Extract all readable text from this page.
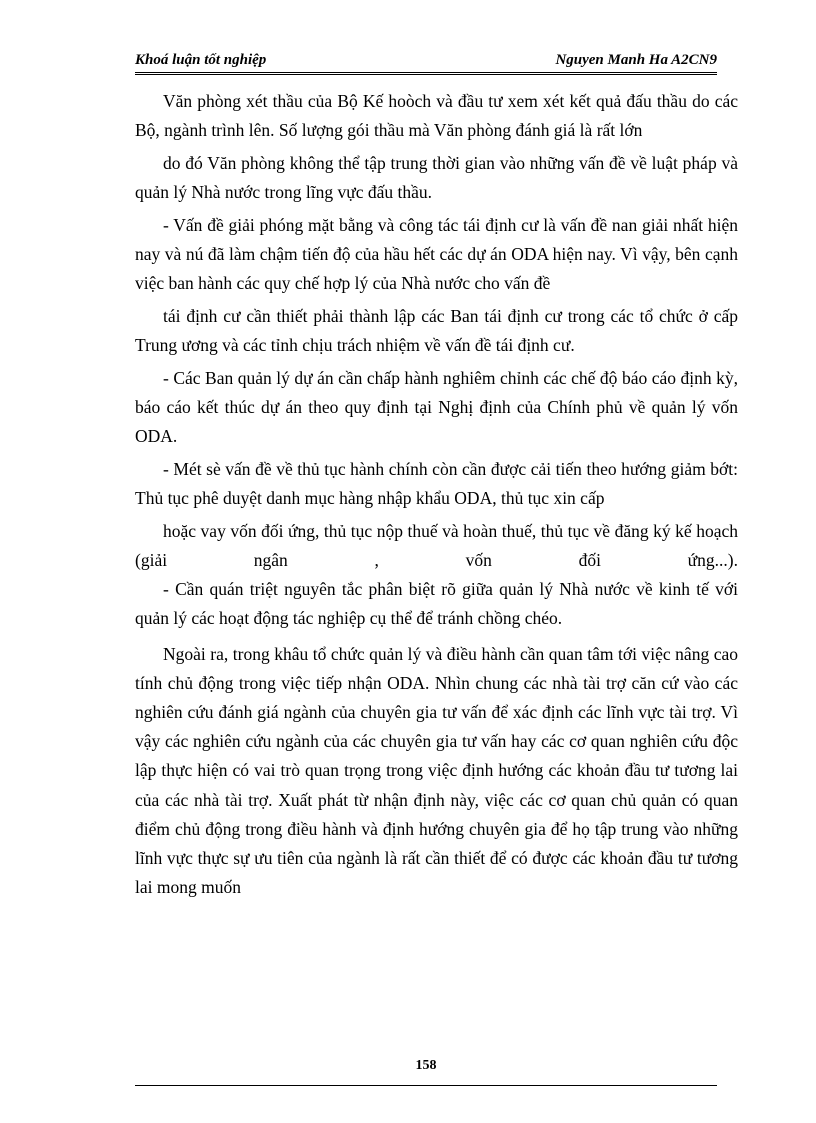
Khoá luận tốt nghiệp	Nguyen Manh Ha A2CN9

Văn phòng xét thầu của Bộ Kế hoòch và đầu tư xem xét kết quả đấu thầu do các Bộ, ngành trình lên. Số lượng gói thầu mà Văn phòng đánh giá là rất lớn

do đó Văn phòng không thể tập trung thời gian vào những vấn đề về luật pháp và quản lý Nhà nước trong lĩng vực đấu thầu.

- Vấn đề giải phóng mặt bằng và công tác tái định cư là vấn đề nan giải nhất hiện nay và nú đã làm chậm tiến độ của hầu hết các dự án ODA hiện nay. Vì vậy, bên cạnh việc ban hành các quy chế hợp lý của Nhà nước cho vấn đề

tái định cư cần thiết phải thành lập các Ban tái định cư trong các tổ chức ở cấp Trung ương và các tỉnh chịu trách nhiệm về vấn đề tái định cư.

- Các Ban quản lý dự án cần chấp hành nghiêm chỉnh các chế độ báo cáo định kỳ, báo cáo kết thúc dự án theo quy định tại Nghị định của Chính phủ về quản lý vốn ODA.

- Mét sè vấn đề về thủ tục hành chính còn cần được cải tiến theo hướng giảm bớt: Thủ tục phê duyệt danh mục hàng nhập khẩu ODA, thủ tục xin cấp

hoặc vay vốn đối ứng, thủ tục nộp thuế và hoàn thuế, thủ tục về đăng ký kế hoạch (giải ngân , vốn đối ứng...).

- Cần quán triệt nguyên tắc phân biệt rõ giữa quản lý Nhà nước về kinh tế với quản lý các hoạt động tác nghiệp cụ thể để tránh chồng chéo.

Ngoài ra, trong khâu tổ chức quản lý và điều hành cần quan tâm tới việc nâng cao tính chủ động trong việc tiếp nhận ODA. Nhìn chung các nhà tài trợ căn cứ vào các nghiên cứu đánh giá ngành của chuyên gia tư vấn để xác định các lĩnh vực tài trợ. Vì vậy các nghiên cứu ngành của các chuyên gia tư vấn hay các cơ quan nghiên cứu độc lập thực hiện có vai trò quan trọng trong việc định hướng các khoản đầu tư tương lai của các nhà tài trợ. Xuất phát từ nhận định này, việc các cơ quan chủ quản có quan điểm chủ động trong điều hành và định hướng chuyên gia để họ tập trung vào những lĩnh vực thực sự ưu tiên của ngành là rất cần thiết để có được các khoản đầu tư tương lai mong muốn

158
